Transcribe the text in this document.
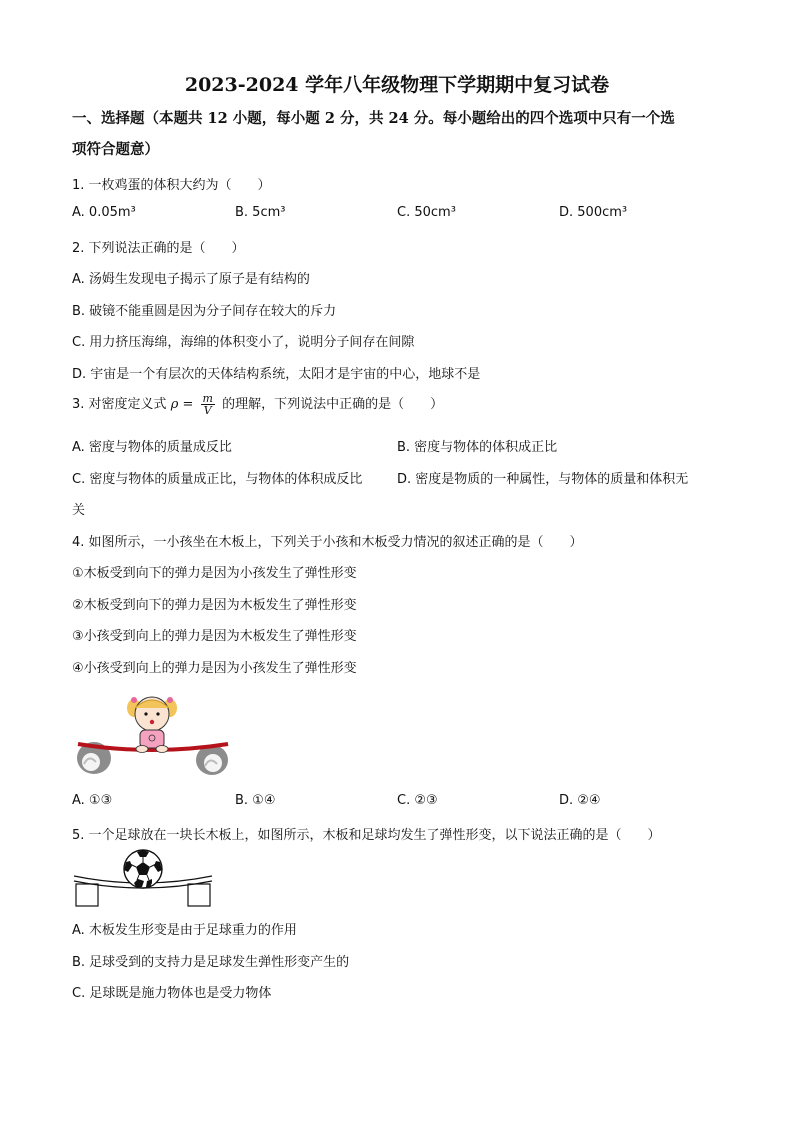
2023-2024 学年八年级物理下学期期中复习试卷
一、选择题（本题共 12 小题，每小题 2 分，共 24 分。每小题给出的四个选项中只有一个选
项符合题意）
1. 一枚鸡蛋的体积大约为（　　）
A. 0.05m³	B. 5cm³	C. 50cm³	D. 500cm³
2. 下列说法正确的是（　　）
A. 汤姆生发现电子揭示了原子是有结构的
B. 破镜不能重圆是因为分子间存在较大的斥力
C. 用力挤压海绵，海绵的体积变小了，说明分子间存在间隙
D. 宇宙是一个有层次的天体结构系统，太阳才是宇宙的中心，地球不是
3. 对密度定义式 $\rho = \frac{m}{V}$ 的理解，下列说法中正确的是（　　）
A. 密度与物体的质量成反比	B. 密度与物体的体积成正比
C. 密度与物体的质量成正比，与物体的体积成反比	D. 密度是物质的一种属性，与物体的质量和体积无
关
4. 如图所示，一小孩坐在木板上，下列关于小孩和木板受力情况的叙述正确的是（　　）
①木板受到向下的弹力是因为小孩发生了弹性形变
②木板受到向下的弹力是因为木板发生了弹性形变
③小孩受到向上的弹力是因为木板发生了弹性形变
④小孩受到向上的弹力是因为小孩发生了弹性形变
A. ①③	B. ①④	C. ②③	D. ②④
5. 一个足球放在一块长木板上，如图所示，木板和足球均发生了弹性形变，以下说法正确的是（　　）
A. 木板发生形变是由于足球重力的作用
B. 足球受到的支持力是足球发生弹性形变产生的
C. 足球既是施力物体也是受力物体
